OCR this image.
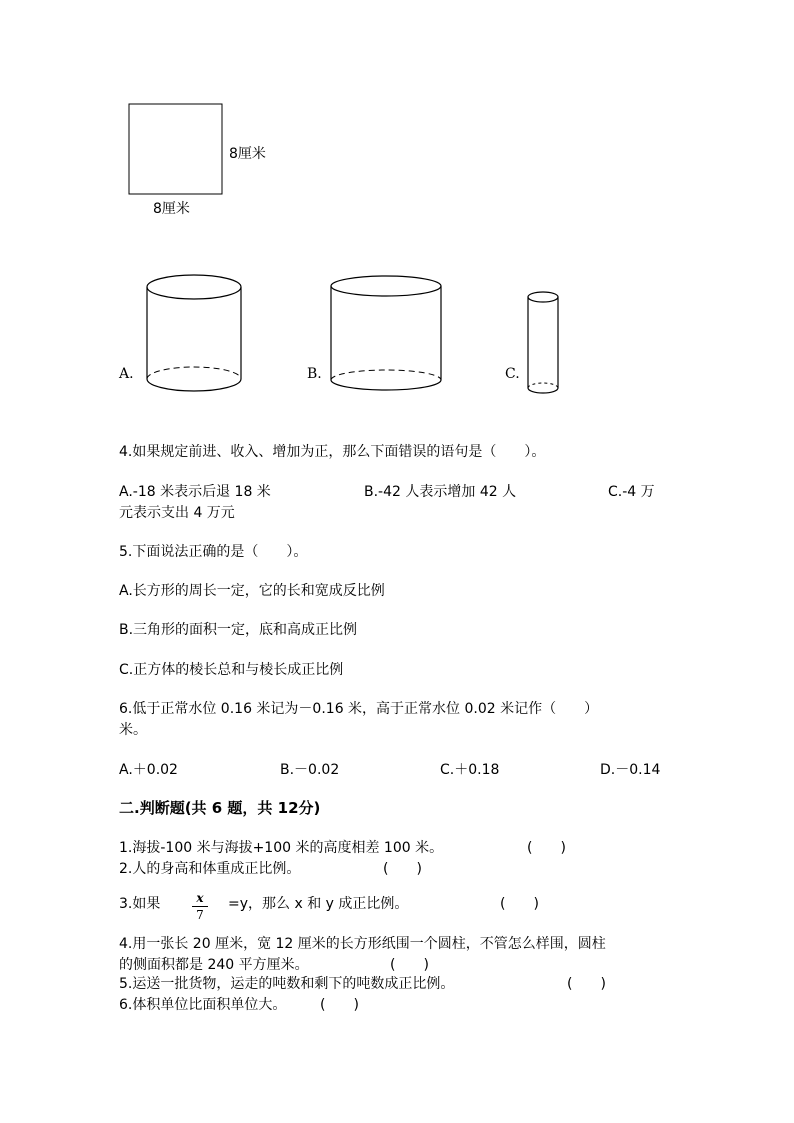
8厘米
8厘米
A.	B.	C.
4.如果规定前进、收入、增加为正，那么下面错误的语句是（　　）。
A.-18 米表示后退 18 米	B.-42 人表示增加 42 人	C.-4 万
元表示支出 4 万元
5.下面说法正确的是（　　）。
A.长方形的周长一定，它的长和宽成反比例
B.三角形的面积一定，底和高成正比例
C.正方体的棱长总和与棱长成正比例
6.低于正常水位 0.16 米记为－0.16 米，高于正常水位 0.02 米记作（　　）
米。
A.＋0.02	B.－0.02	C.＋0.18	D.－0.14
二.判断题(共 6 题，共 12分)
1.海拔-100 米与海拔+100 米的高度相差 100 米。	(　　)
2.人的身高和体重成正比例。	(　　)
3.如果	x
7
=y，那么 x 和 y 成正比例。	(　　)
4.用一张长 20 厘米，宽 12 厘米的长方形纸围一个圆柱，不管怎么样围，圆柱
的侧面积都是 240 平方厘米。	(　　)
5.运送一批货物，运走的吨数和剩下的吨数成正比例。	(　　)
6.体积单位比面积单位大。 (　　)
